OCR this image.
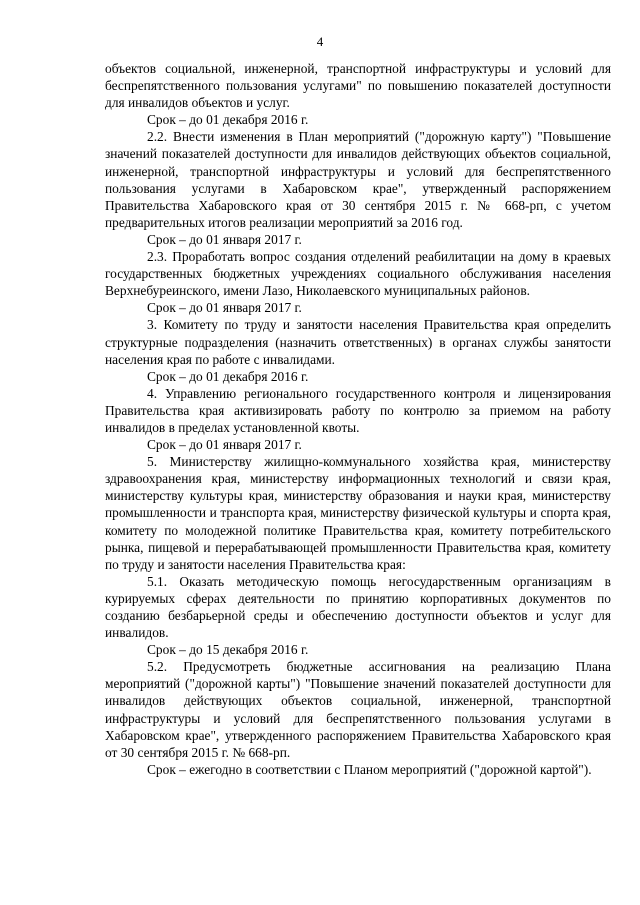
4

объектов социальной, инженерной, транспортной инфраструктуры и условий для беспрепятственного пользования услугами" по повышению показателей доступности для инвалидов объектов и услуг.

Срок – до 01 декабря 2016 г.

2.2. Внести изменения в План мероприятий ("дорожную карту") "Повышение значений показателей доступности для инвалидов действующих объектов социальной, инженерной, транспортной инфраструктуры и условий для беспрепятственного пользования услугами в Хабаровском крае", утвержденный распоряжением Правительства Хабаровского края от 30 сентября 2015 г. № 668-рп, с учетом предварительных итогов реализации мероприятий за 2016 год.

Срок – до 01 января 2017 г.

2.3. Проработать вопрос создания отделений реабилитации на дому в краевых государственных бюджетных учреждениях социального обслуживания населения Верхнебуреинского, имени Лазо, Николаевского муниципальных районов.

Срок – до 01 января 2017 г.

3. Комитету по труду и занятости населения Правительства края определить структурные подразделения (назначить ответственных) в органах службы занятости населения края по работе с инвалидами.

Срок – до 01 декабря 2016 г.

4. Управлению регионального государственного контроля и лицензирования Правительства края активизировать работу по контролю за приемом на работу инвалидов в пределах установленной квоты.

Срок – до 01 января 2017 г.

5. Министерству жилищно-коммунального хозяйства края, министерству здравоохранения края, министерству информационных технологий и связи края, министерству культуры края, министерству образования и науки края, министерству промышленности и транспорта края, министерству физической культуры и спорта края, комитету по молодежной политике Правительства края, комитету потребительского рынка, пищевой и перерабатывающей промышленности Правительства края, комитету по труду и занятости населения Правительства края:

5.1. Оказать методическую помощь негосударственным организациям в курируемых сферах деятельности по принятию корпоративных документов по созданию безбарьерной среды и обеспечению доступности объектов и услуг для инвалидов.

Срок – до 15 декабря 2016 г.

5.2. Предусмотреть бюджетные ассигнования на реализацию Плана мероприятий ("дорожной карты") "Повышение значений показателей доступности для инвалидов действующих объектов социальной, инженерной, транспортной инфраструктуры и условий для беспрепятственного пользования услугами в Хабаровском крае", утвержденного распоряжением Правительства Хабаровского края от 30 сентября 2015 г. № 668-рп.

Срок – ежегодно в соответствии с Планом мероприятий ("дорожной картой").
